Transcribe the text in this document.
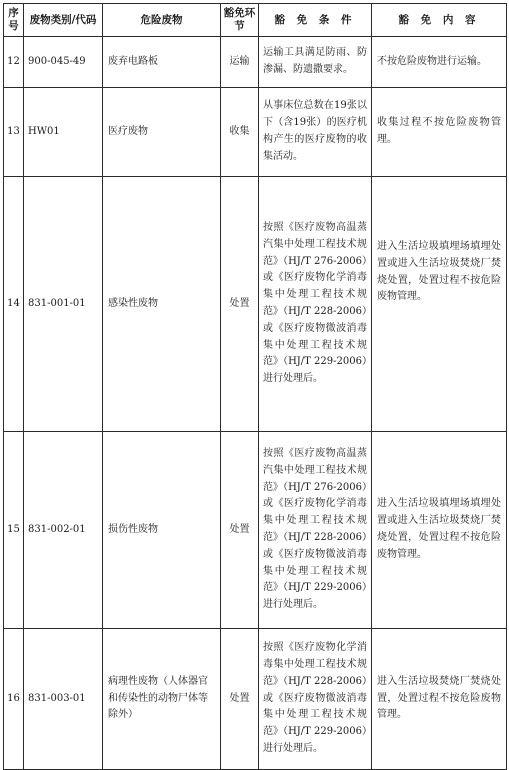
序号	废物类别/代码	危险废物	豁免环节	豁 免 条 件	豁 免 内 容
12	900-045-49	废弃电路板	运输	运输工具满足防雨、防渗漏、防遗撒要求。	不按危险废物进行运输。
13	HW01	医疗废物	收集	从事床位总数在19张以下（含19张）的医疗机构产生的医疗废物的收集活动。	收集过程不按危险废物管理。
14	831-001-01	感染性废物	处置	按照《医疗废物高温蒸汽集中处理工程技术规范》（HJ/T 276-2006）或《医疗废物化学消毒集中处理工程技术规范》（HJ/T 228-2006）或《医疗废物微波消毒集中处理工程技术规范》（HJ/T 229-2006）进行处理后。	进入生活垃圾填埋场填埋处置或进入生活垃圾焚烧厂焚烧处置，处置过程不按危险废物管理。
15	831-002-01	损伤性废物	处置	按照《医疗废物高温蒸汽集中处理工程技术规范》（HJ/T 276-2006）或《医疗废物化学消毒集中处理工程技术规范》（HJ/T 228-2006）或《医疗废物微波消毒集中处理工程技术规范》（HJ/T 229-2006）进行处理后。	进入生活垃圾填埋场填埋处置或进入生活垃圾焚烧厂焚烧处置，处置过程不按危险废物管理。
16	831-003-01	病理性废物（人体器官和传染性的动物尸体等除外）	处置	按照《医疗废物化学消毒集中处理工程技术规范》（HJ/T 228-2006）或《医疗废物微波消毒集中处理工程技术规范》（HJ/T 229-2006）进行处理后。	进入生活垃圾焚烧厂焚烧处置，处置过程不按危险废物管理。
